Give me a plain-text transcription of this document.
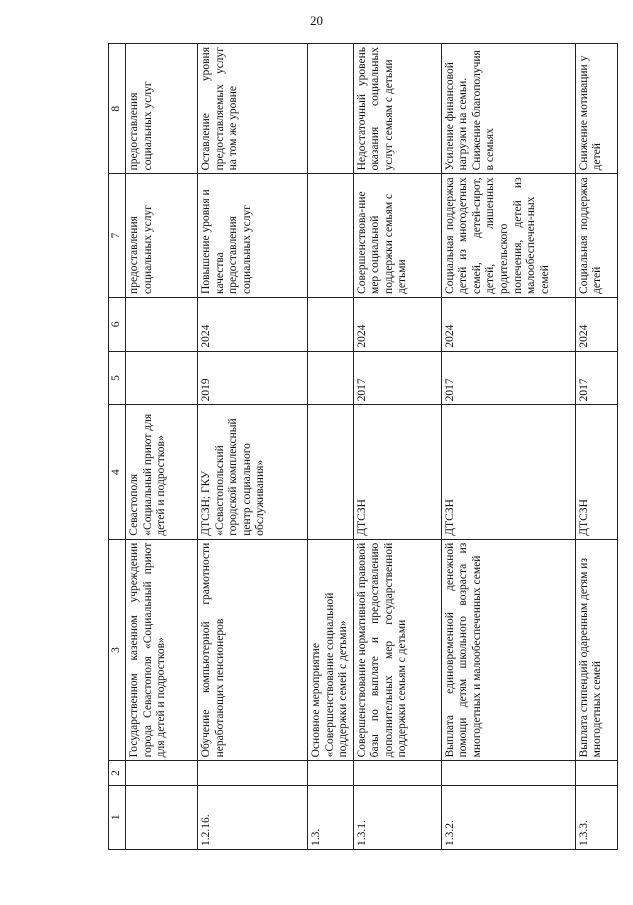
20
1	2	3	4	5	6	7	8
		Государственном казенном учреждении города Севастополя «Социальный приют для детей и подростков»	Севастополя «Социальный приют для детей и подростков»			предоставления социальных услуг	предоставления социальных услуг
1.2.16.		Обучение компьютерной грамотности неработающих пенсионеров	ДТСЗН; ГКУ «Севастопольский городской комплексный центр социального обслуживания»	2019	2024	Повышение уровня и качества предоставления социальных услуг	Оставление уровня предоставляемых услуг на том же уровне
1.3.		Основное мероприятие «Совершенствование социальной поддержки семей с детьми»					
1.3.1.		Совершенствование нормативной правовой базы по выплате и предоставлению дополнительных мер государственной поддержки семьям с детьми	ДТСЗН	2017	2024	Совершенствова-ние мер социальной поддержки семьям с детьми	Недостаточный уровень оказания социальных услуг семьям с детьми
1.3.2.		Выплата единовременной денежной помощи детям школьного возраста из многодетных и малообеспеченных семей	ДТСЗН	2017	2024	Социальная поддержка детей из многодетных семей, детей-сирот, детей, лишенных родительского попечения, детей из малообеспечен-ных семей	Усиление финансовой нагрузки на семьи. Снижение благополучия в семьях
1.3.3.		Выплата стипендий одаренным детям из многодетных семей	ДТСЗН	2017	2024	Социальная поддержка детей	Снижение мотивации у детей
